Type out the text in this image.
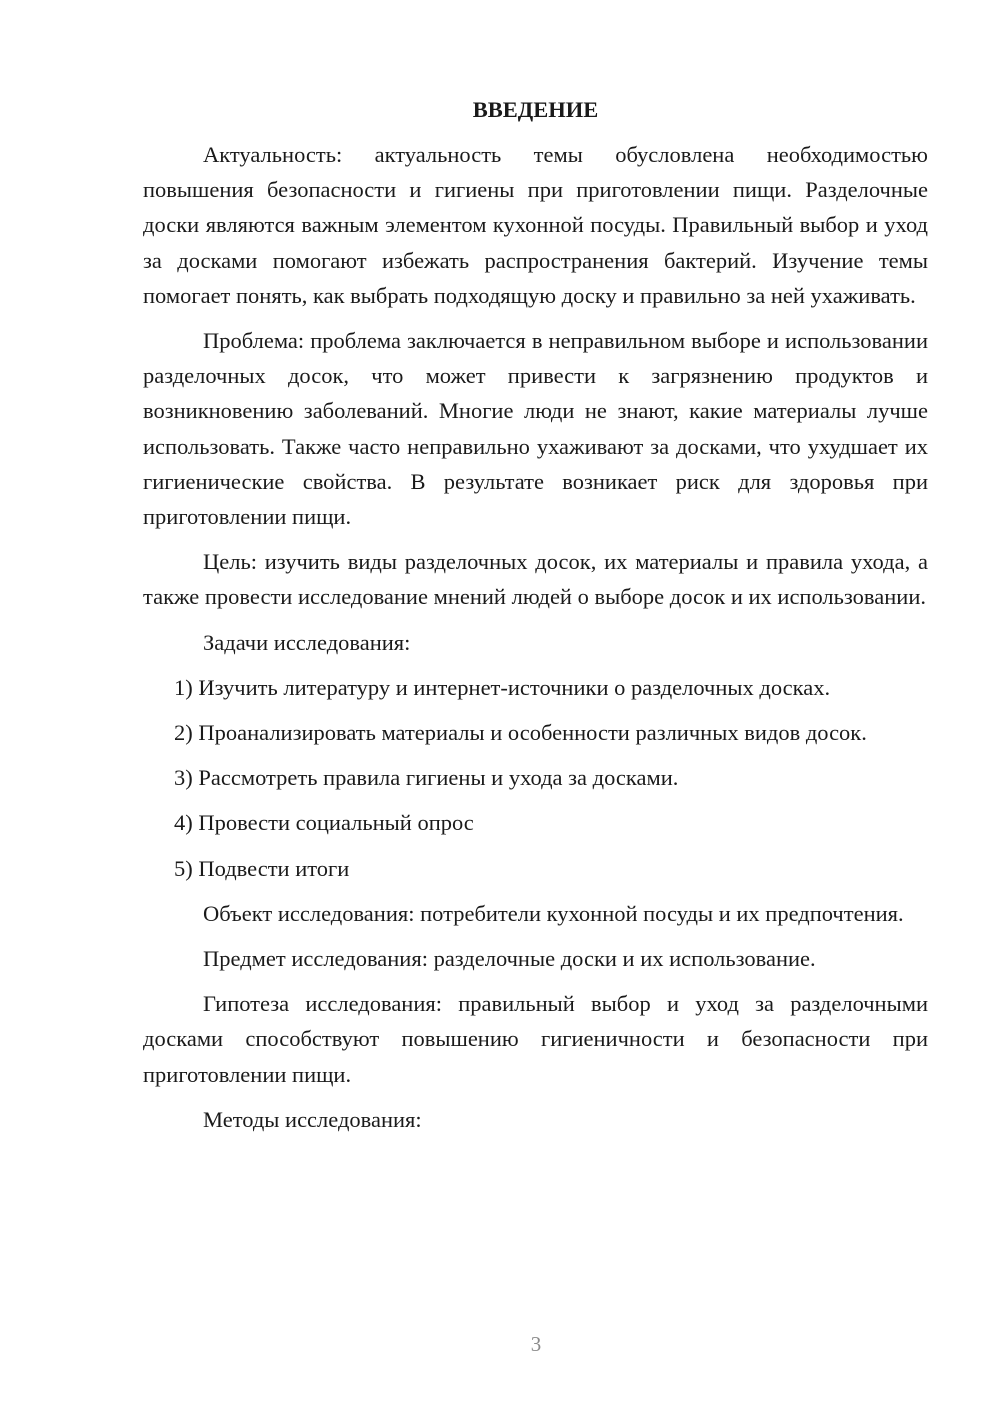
ВВЕДЕНИЕ

Актуальность: актуальность темы обусловлена необходимостью повышения безопасности и гигиены при приготовлении пищи. Разделочные доски являются важным элементом кухонной посуды. Правильный выбор и уход за досками помогают избежать распространения бактерий. Изучение темы помогает понять, как выбрать подходящую доску и правильно за ней ухаживать.

Проблема: проблема заключается в неправильном выборе и использовании разделочных досок, что может привести к загрязнению продуктов и возникновению заболеваний. Многие люди не знают, какие материалы лучше использовать. Также часто неправильно ухаживают за досками, что ухудшает их гигиенические свойства. В результате возникает риск для здоровья при приготовлении пищи.

Цель: изучить виды разделочных досок, их материалы и правила ухода, а также провести исследование мнений людей о выборе досок и их использовании.

Задачи исследования:

1) Изучить литературу и интернет-источники о разделочных досках.

2) Проанализировать материалы и особенности различных видов досок.

3) Рассмотреть правила гигиены и ухода за досками.

4) Провести социальный опрос

5) Подвести итоги

Объект исследования: потребители кухонной посуды и их предпочтения.

Предмет исследования: разделочные доски и их использование.

Гипотеза исследования: правильный выбор и уход за разделочными досками способствуют повышению гигиеничности и безопасности при приготовлении пищи.

Методы исследования:

3
